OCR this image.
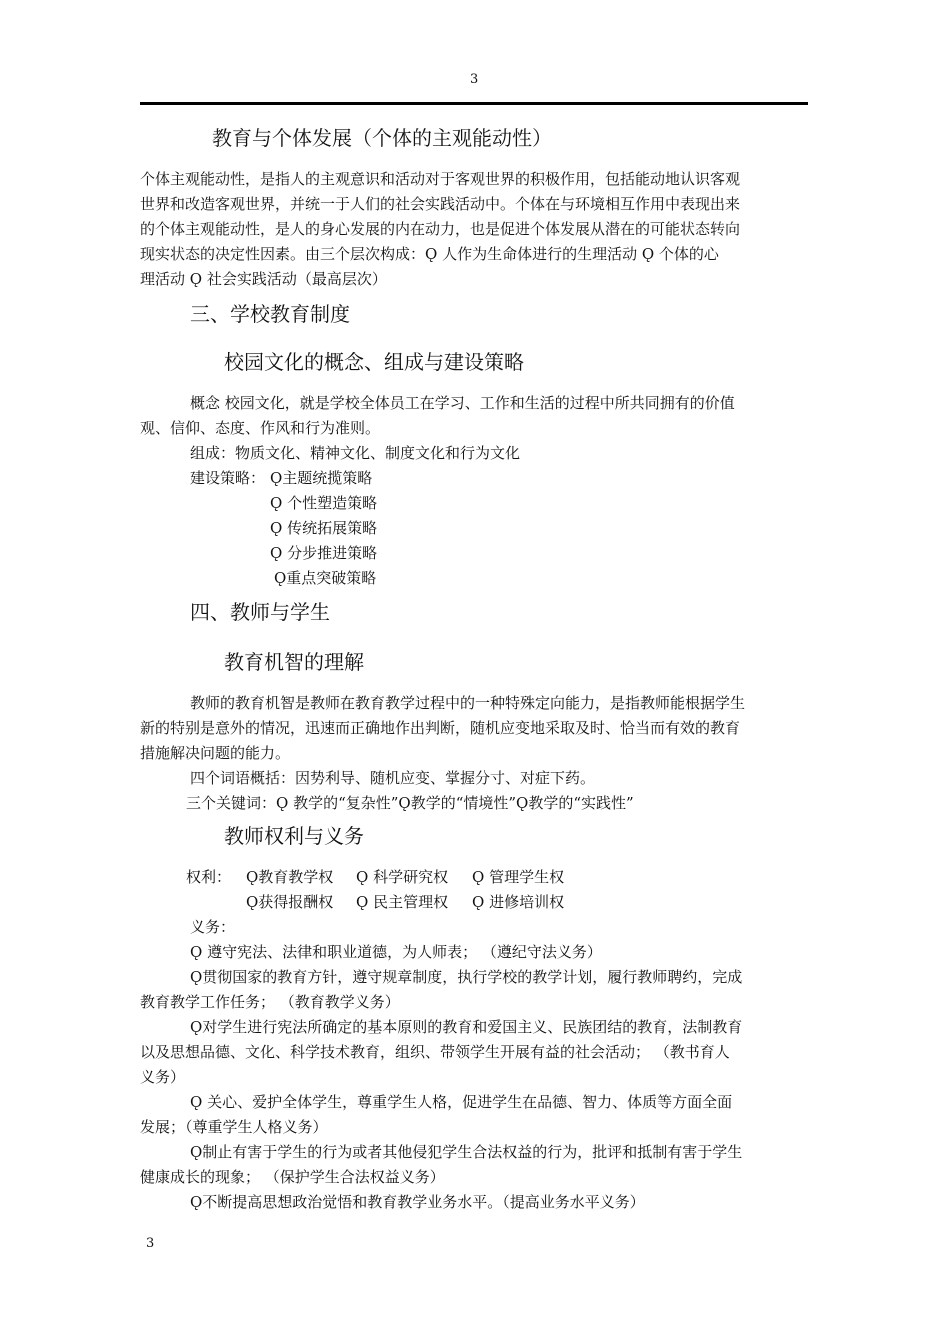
3
教育与个体发展（个体的主观能动性）
个体主观能动性，是指人的主观意识和活动对于客观世界的积极作用，包括能动地认识客观
世界和改造客观世界，并统一于人们的社会实践活动中。个体在与环境相互作用中表现出来
的个体主观能动性，是人的身心发展的内在动力，也是促进个体发展从潜在的可能状态转向
现实状态的决定性因素。由三个层次构成：Ǫ 人作为生命体进行的生理活动 Ǫ 个体的心
理活动 Ǫ 社会实践活动（最高层次）
三、学校教育制度
校园文化的概念、组成与建设策略
概念 校园文化，就是学校全体员工在学习、工作和生活的过程中所共同拥有的价值
观、信仰、态度、作风和行为准则。
组成：物质文化、精神文化、制度文化和行为文化
建设策略： Ǫ主题统揽策略
Ǫ 个性塑造策略
Ǫ 传统拓展策略
Ǫ 分步推进策略
Ǫ重点突破策略
四、教师与学生
教育机智的理解
教师的教育机智是教师在教育教学过程中的一种特殊定向能力，是指教师能根据学生
新的特别是意外的情况，迅速而正确地作出判断，随机应变地采取及时、恰当而有效的教育
措施解决问题的能力。
四个词语概括：因势利导、随机应变、掌握分寸、对症下药。
三个关键词：Ǫ 教学的“复杂性”Ǫ教学的“情境性”Ǫ教学的“实践性”
教师权利与义务
权利： Ǫ教育教学权 Ǫ 科学研究权 Ǫ 管理学生权
Ǫ获得报酬权 Ǫ 民主管理权 Ǫ 进修培训权
义务：
Ǫ 遵守宪法、法律和职业道德，为人师表； （遵纪守法义务）
Ǫ贯彻国家的教育方针，遵守规章制度，执行学校的教学计划，履行教师聘约，完成
教育教学工作任务； （教育教学义务）
Ǫ对学生进行宪法所确定的基本原则的教育和爱国主义、民族团结的教育，法制教育
以及思想品德、文化、科学技术教育，组织、带领学生开展有益的社会活动； （教书育人
义务）
Ǫ 关心、爱护全体学生，尊重学生人格，促进学生在品德、智力、体质等方面全面
发展；（尊重学生人格义务）
Ǫ制止有害于学生的行为或者其他侵犯学生合法权益的行为，批评和抵制有害于学生
健康成长的现象； （保护学生合法权益义务）
Ǫ不断提高思想政治觉悟和教育教学业务水平。（提高业务水平义务）
3
